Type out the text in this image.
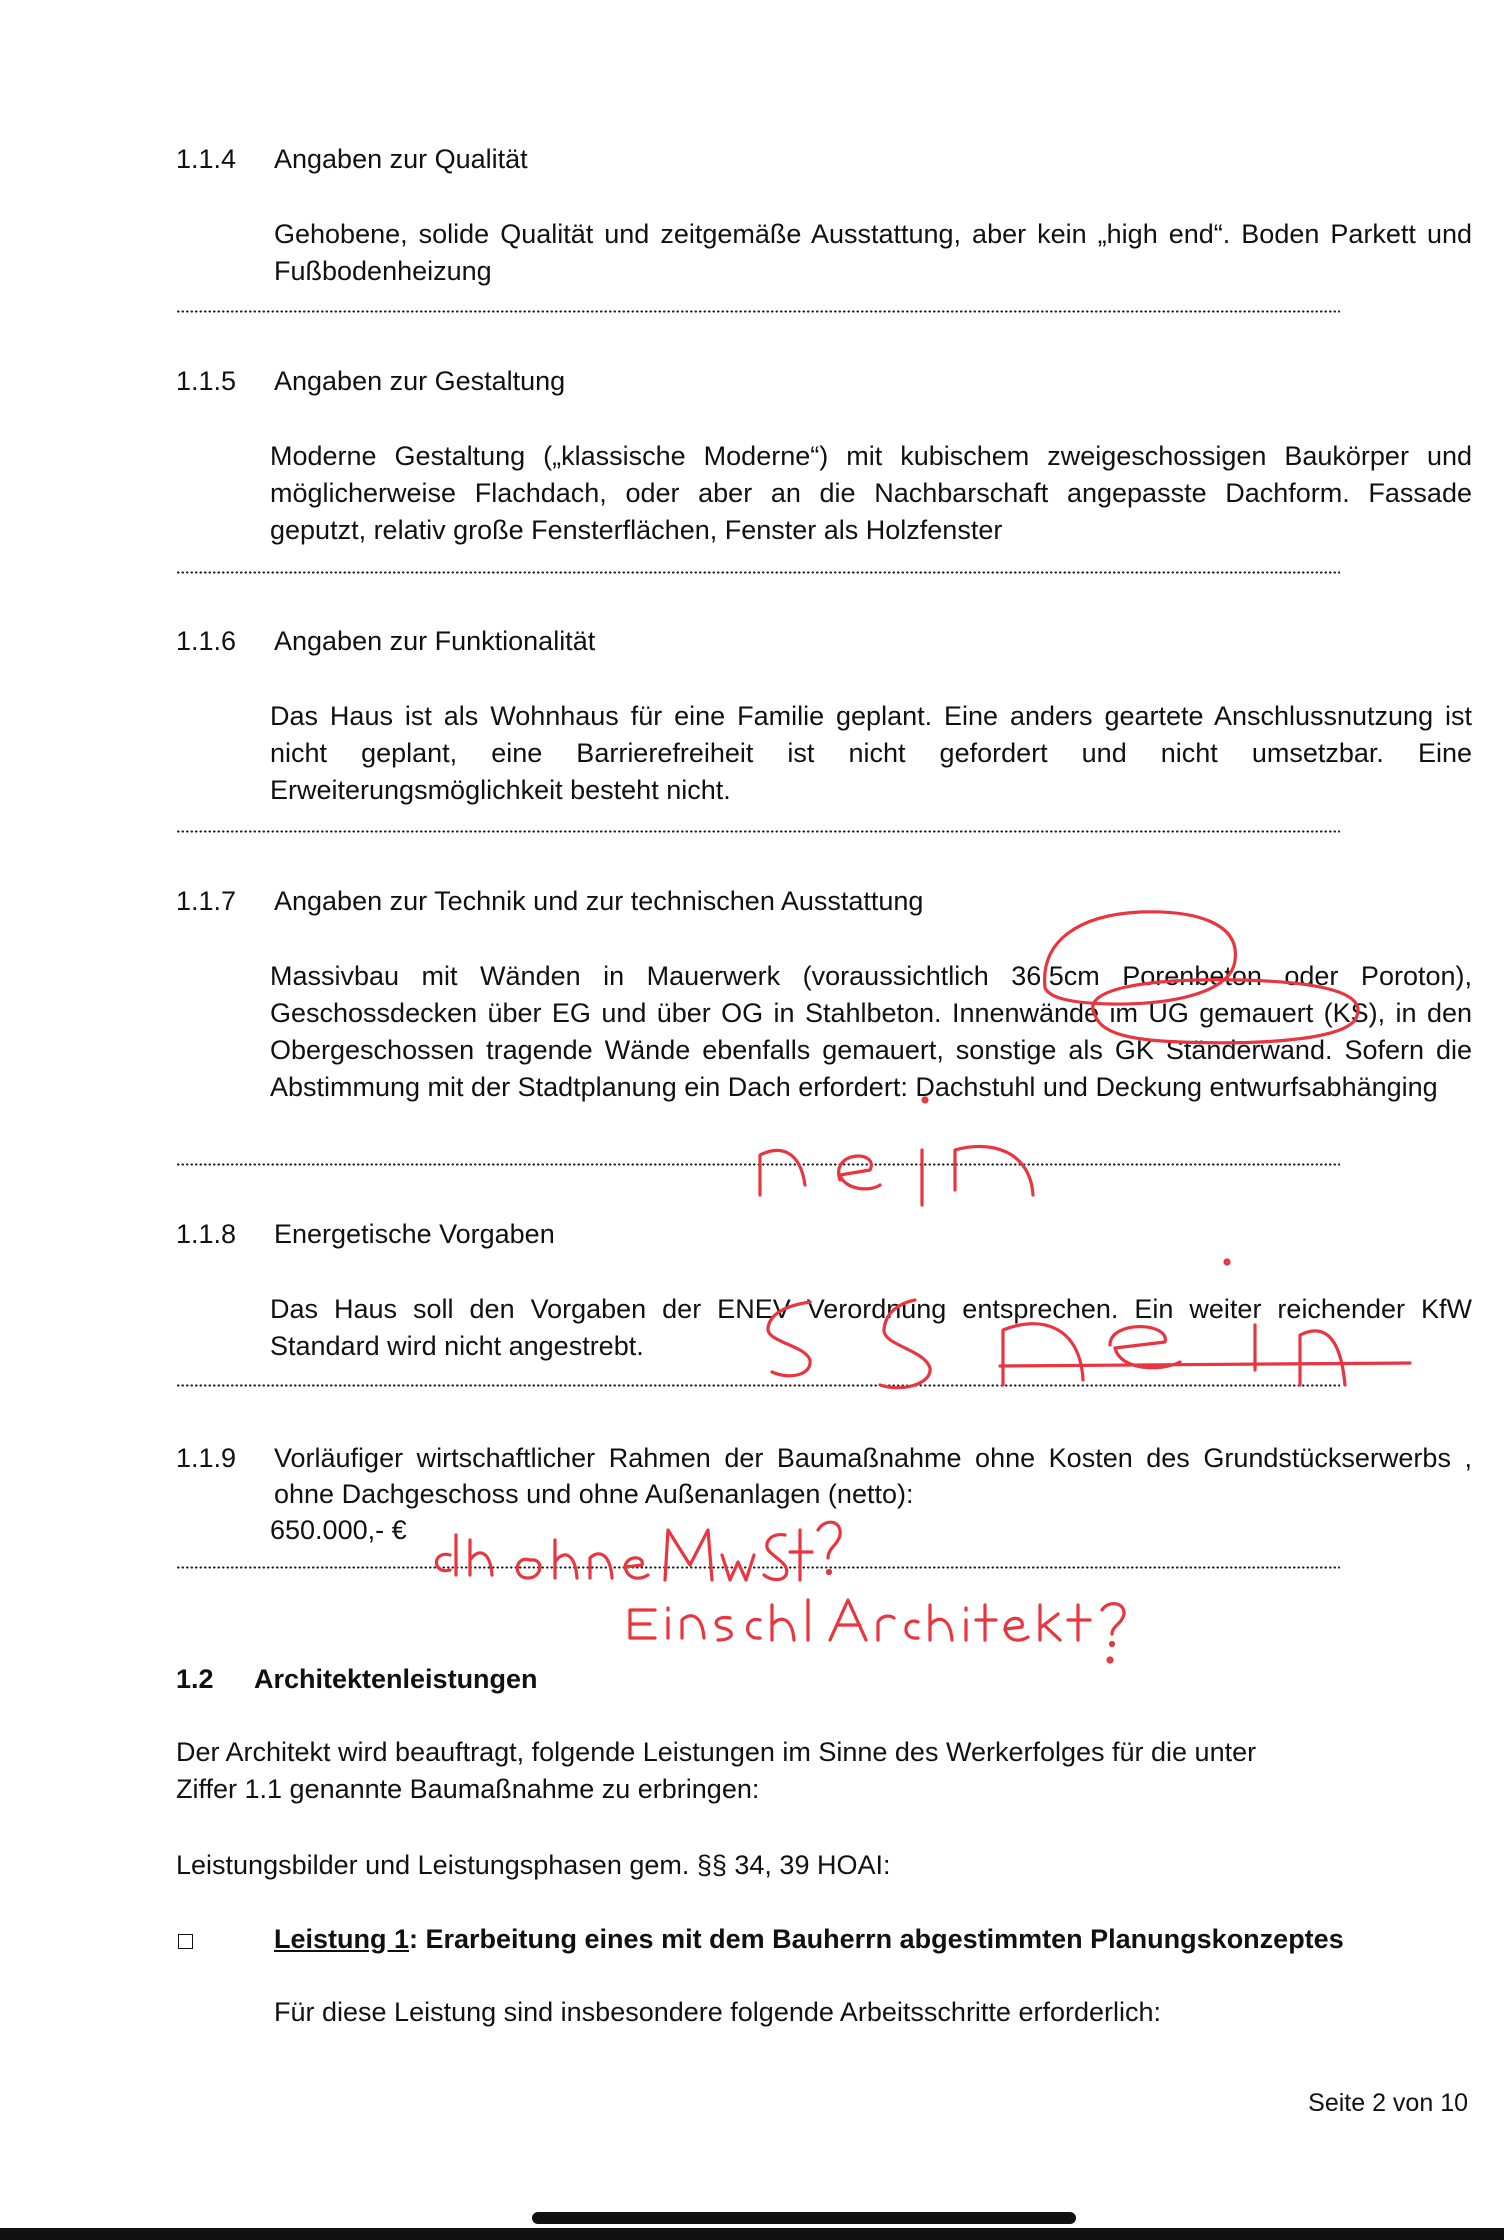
1.1.4 Angaben zur Qualität

Gehobene, solide Qualität und zeitgemäße Ausstattung, aber kein „high end“. Boden Parkett und Fußbodenheizung

1.1.5 Angaben zur Gestaltung

Moderne Gestaltung („klassische Moderne“) mit kubischem zweigeschossigen Baukörper und möglicherweise Flachdach, oder aber an die Nachbarschaft angepasste Dachform. Fassade geputzt, relativ große Fensterflächen, Fenster als Holzfenster

1.1.6 Angaben zur Funktionalität

Das Haus ist als Wohnhaus für eine Familie geplant. Eine anders geartete Anschlussnutzung ist nicht geplant, eine Barrierefreiheit ist nicht gefordert und nicht umsetzbar. Eine Erweiterungsmöglichkeit besteht nicht.

1.1.7 Angaben zur Technik und zur technischen Ausstattung

Massivbau mit Wänden in Mauerwerk (voraussichtlich 36,5cm Porenbeton oder Poroton), Geschossdecken über EG und über OG in Stahlbeton. Innenwände im UG gemauert (KS), in den Obergeschossen tragende Wände ebenfalls gemauert, sonstige als GK Ständerwand. Sofern die Abstimmung mit der Stadtplanung ein Dach erfordert: Dachstuhl und Deckung entwurfsabhänging

1.1.8 Energetische Vorgaben

Das Haus soll den Vorgaben der ENEV Verordnung entsprechen. Ein weiter reichender KfW Standard wird nicht angestrebt.

1.1.9 Vorläufiger wirtschaftlicher Rahmen der Baumaßnahme ohne Kosten des Grundstückserwerbs , ohne Dachgeschoss und ohne Außenanlagen (netto):

650.000,- €

1.2 Architektenleistungen

Der Architekt wird beauftragt, folgende Leistungen im Sinne des Werkerfolges für die unter

Ziffer 1.1 genannte Baumaßnahme zu erbringen:

Leistungsbilder und Leistungsphasen gem. §§ 34, 39 HOAI:
Leistung 1: Erarbeitung eines mit dem Bauherrn abgestimmten Planungskonzeptes
Für diese Leistung sind insbesondere folgende Arbeitsschritte erforderlich:
Seite 2 von 10
